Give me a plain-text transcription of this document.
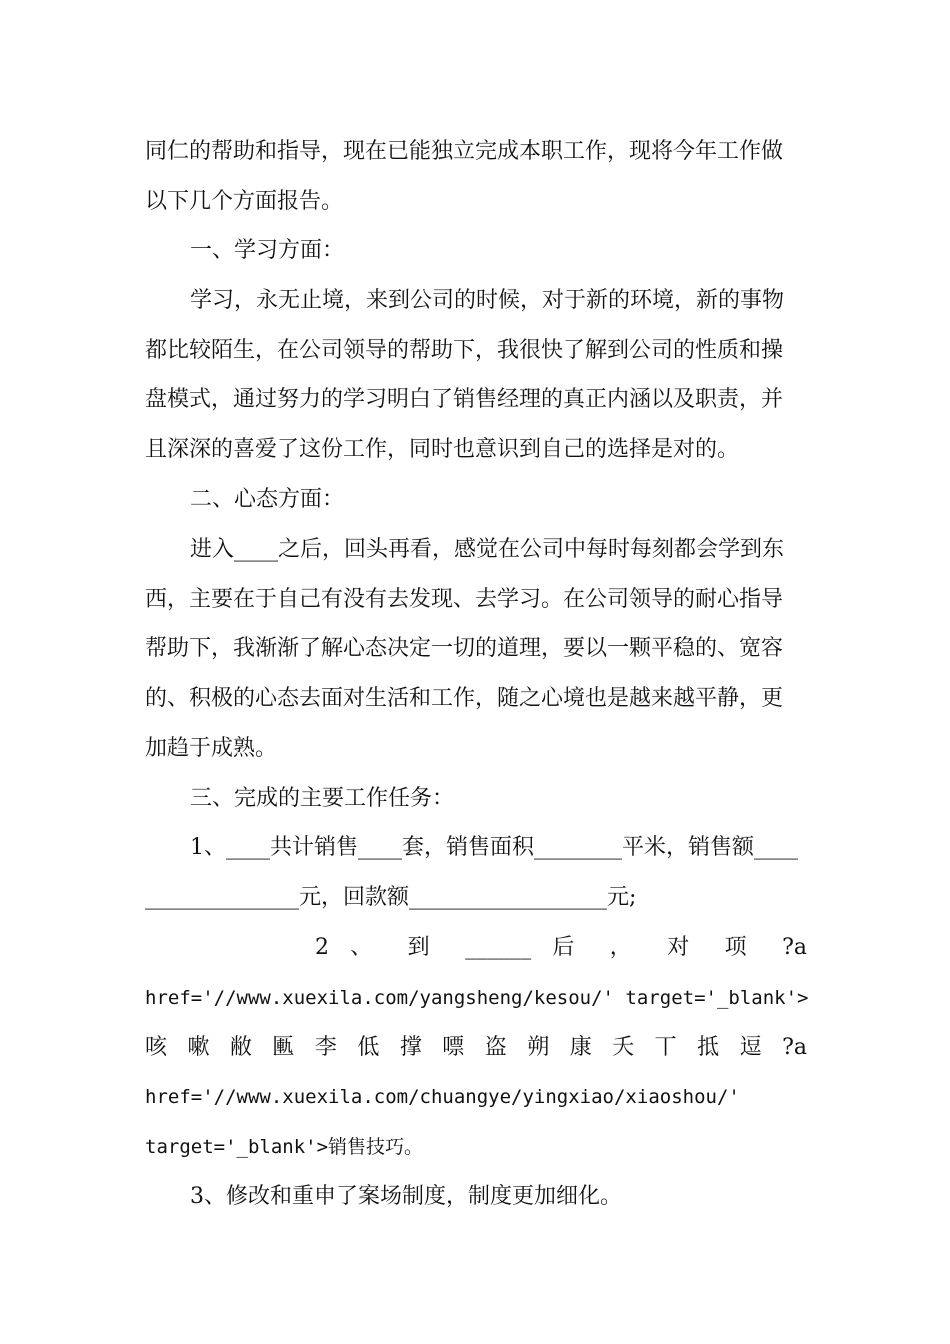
同仁的帮助和指导，现在已能独立完成本职工作，现将今年工作做
以下几个方面报告。
一、学习方面：
学习，永无止境，来到公司的时候，对于新的环境，新的事物
都比较陌生，在公司领导的帮助下，我很快了解到公司的性质和操
盘模式，通过努力的学习明白了销售经理的真正内涵以及职责，并
且深深的喜爱了这份工作，同时也意识到自己的选择是对的。
二、心态方面：
进入____之后，回头再看，感觉在公司中每时每刻都会学到东
西，主要在于自己有没有去发现、去学习。在公司领导的耐心指导
帮助下，我渐渐了解心态决定一切的道理，要以一颗平稳的、宽容
的、积极的心态去面对生活和工作，随之心境也是越来越平静，更
加趋于成熟。
三、完成的主要工作任务：
1、____共计销售____套，销售面积________平米，销售额____
______________元，回款额__________________元;
2 、 到 ______ 后 ， 对 项 ?a
href='//www.xuexila.com/yangsheng/kesou/' target='_blank'>
咳 嗽 敝 匭 李 低 撑 嘌 盗 朔 康 夭 丅 抵 逗 ?a
href='//www.xuexila.com/chuangye/yingxiao/xiaoshou/'
target='_blank'>销售技巧。
3、修改和重申了案场制度，制度更加细化。
